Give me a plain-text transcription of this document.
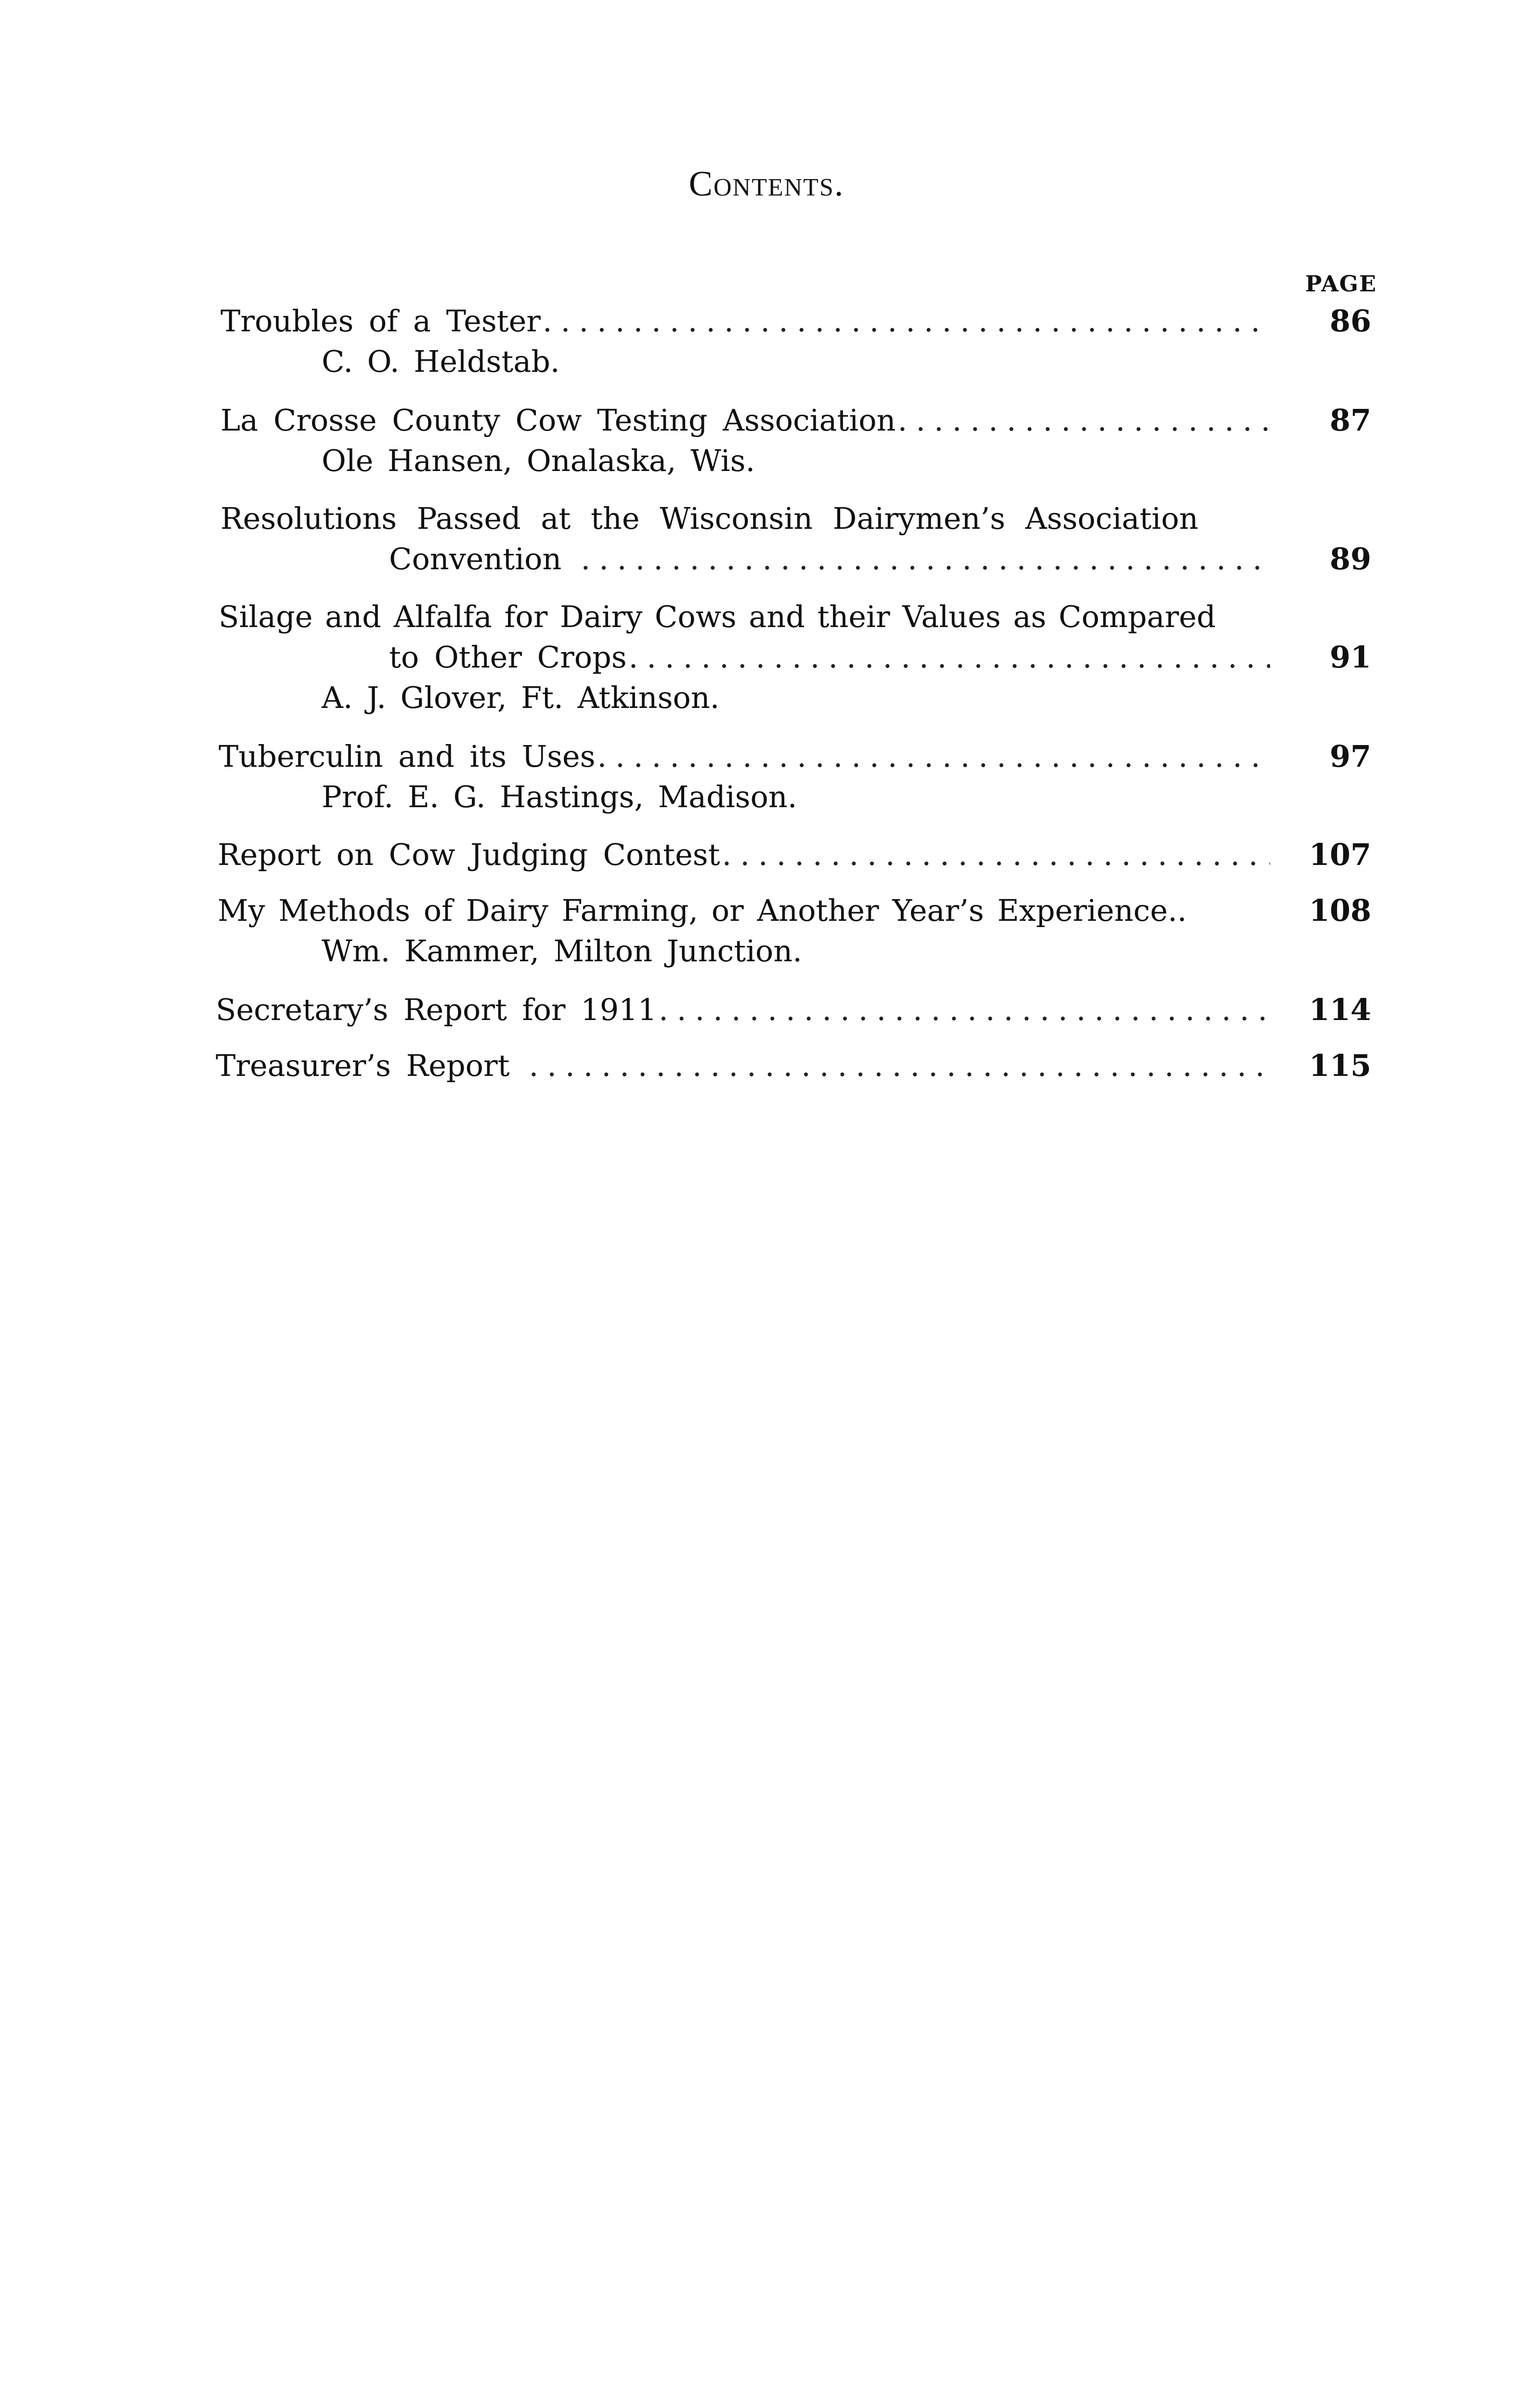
Contents.
PAGE
Troubles of a Tester .....	86
C. O. Heldstab.
La Crosse County Cow Testing Association .....	87
Ole Hansen, Onalaska, Wis.
Resolutions Passed at the Wisconsin Dairymen’s Association
Convention .....	89
Silage and Alfalfa for Dairy Cows and their Values as Compared
to Other Crops .....	91
A. J. Glover, Ft. Atkinson.
Tuberculin and its Uses .....	97
Prof. E. G. Hastings, Madison.
Report on Cow Judging Contest .....	107
My Methods of Dairy Farming, or Another Year’s Experience..	108
Wm. Kammer, Milton Junction.
Secretary’s Report for 1911 .....	114
Treasurer’s Report .....	115
